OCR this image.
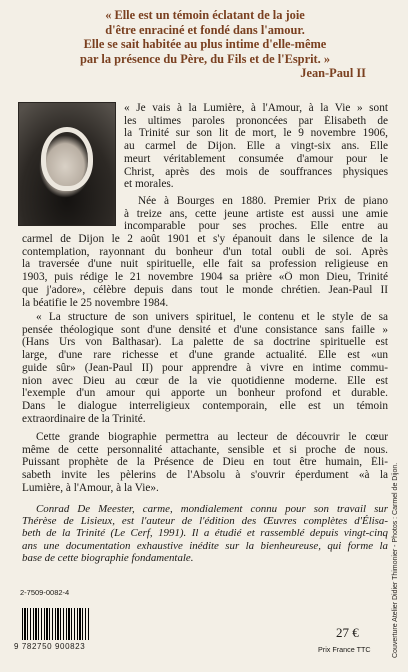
« Elle est un témoin éclatant de la joie
d'être enraciné et fondé dans l'amour.
Elle se sait habitée au plus intime d'elle-même
par la présence du Père, du Fils et de l'Esprit. »
Jean-Paul II
« Je vais à la Lumière, à l'Amour, à la Vie » sont
les ultimes paroles prononcées par Élisabeth de
la Trinité sur son lit de mort, le 9 novembre 1906,
au carmel de Dijon. Elle a vingt-six ans. Elle
meurt véritablement consumée d'amour pour le
Christ, après des mois de souffrances physiques
et morales.
Née à Bourges en 1880. Premier Prix de piano
à treize ans, cette jeune artiste est aussi une amie
incomparable pour ses proches. Elle entre au
carmel de Dijon le 2 août 1901 et s'y épanouit dans le silence de la
contemplation, rayonnant du bonheur d'un total oubli de soi. Après
la traversée d'une nuit spirituelle, elle fait sa profession religieuse en
1903, puis rédige le 21 novembre 1904 sa prière «Ô mon Dieu, Trinité
que j'adore», célèbre depuis dans tout le monde chrétien. Jean-Paul II
la béatifie le 25 novembre 1984.
« La structure de son univers spirituel, le contenu et le style de sa
pensée théologique sont d'une densité et d'une consistance sans faille »
(Hans Urs von Balthasar). La palette de sa doctrine spirituelle est
large, d'une rare richesse et d'une grande actualité. Elle est «un
guide sûr» (Jean-Paul II) pour apprendre à vivre en intime commu-
nion avec Dieu au cœur de la vie quotidienne moderne. Elle est
l'exemple d'un amour qui apporte un bonheur profond et durable.
Dans le dialogue interreligieux contemporain, elle est un témoin
extraordinaire de la Trinité.
Cette grande biographie permettra au lecteur de découvrir le cœur
même de cette personnalité attachante, sensible et si proche de nous.
Puissant prophète de la Présence de Dieu en tout être humain, Éli-
sabeth invite les pèlerins de l'Absolu à s'ouvrir éperdument «à la
Lumière, à l'Amour, à la Vie».
Conrad De Meester, carme, mondialement connu pour son travail sur
Thérèse de Lisieux, est l'auteur de l'édition des Œuvres complètes d'Élisa-
beth de la Trinité (Le Cerf, 1991). Il a étudié et rassemblé depuis vingt-cinq
ans une documentation exhaustive inédite sur la bienheureuse, qui forme la
base de cette biographie fondamentale.
2-7509-0082-4
9 782750 900823
27 €
Prix France TTC	Couverture Atelier Didier Thimonier - Photos : Carmel de Dijon.
